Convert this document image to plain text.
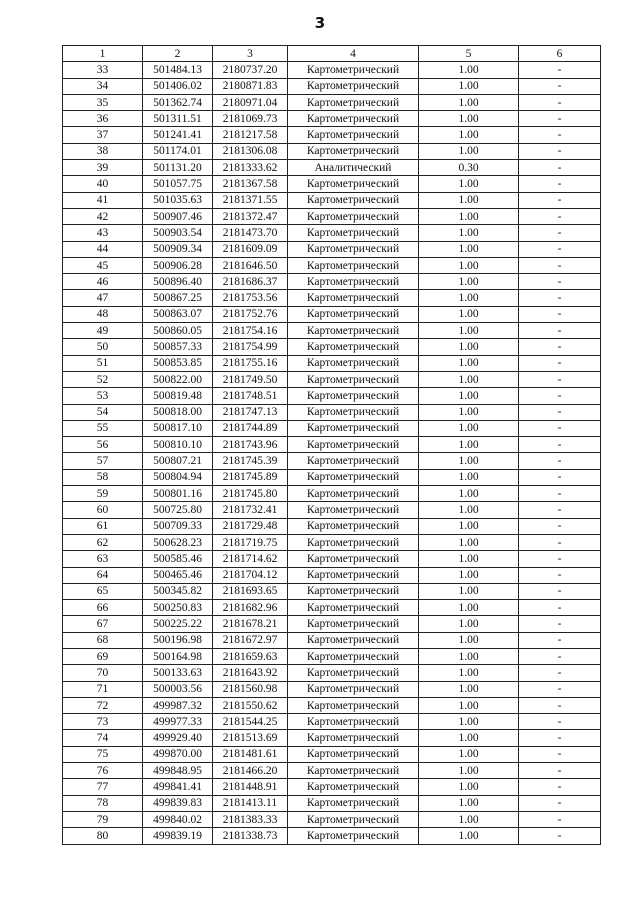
3
1	2	3	4	5	6
33	501484.13	2180737.20	Картометрический	1.00	-
34	501406.02	2180871.83	Картометрический	1.00	-
35	501362.74	2180971.04	Картометрический	1.00	-
36	501311.51	2181069.73	Картометрический	1.00	-
37	501241.41	2181217.58	Картометрический	1.00	-
38	501174.01	2181306.08	Картометрический	1.00	-
39	501131.20	2181333.62	Аналитический	0.30	-
40	501057.75	2181367.58	Картометрический	1.00	-
41	501035.63	2181371.55	Картометрический	1.00	-
42	500907.46	2181372.47	Картометрический	1.00	-
43	500903.54	2181473.70	Картометрический	1.00	-
44	500909.34	2181609.09	Картометрический	1.00	-
45	500906.28	2181646.50	Картометрический	1.00	-
46	500896.40	2181686.37	Картометрический	1.00	-
47	500867.25	2181753.56	Картометрический	1.00	-
48	500863.07	2181752.76	Картометрический	1.00	-
49	500860.05	2181754.16	Картометрический	1.00	-
50	500857.33	2181754.99	Картометрический	1.00	-
51	500853.85	2181755.16	Картометрический	1.00	-
52	500822.00	2181749.50	Картометрический	1.00	-
53	500819.48	2181748.51	Картометрический	1.00	-
54	500818.00	2181747.13	Картометрический	1.00	-
55	500817.10	2181744.89	Картометрический	1.00	-
56	500810.10	2181743.96	Картометрический	1.00	-
57	500807.21	2181745.39	Картометрический	1.00	-
58	500804.94	2181745.89	Картометрический	1.00	-
59	500801.16	2181745.80	Картометрический	1.00	-
60	500725.80	2181732.41	Картометрический	1.00	-
61	500709.33	2181729.48	Картометрический	1.00	-
62	500628.23	2181719.75	Картометрический	1.00	-
63	500585.46	2181714.62	Картометрический	1.00	-
64	500465.46	2181704.12	Картометрический	1.00	-
65	500345.82	2181693.65	Картометрический	1.00	-
66	500250.83	2181682.96	Картометрический	1.00	-
67	500225.22	2181678.21	Картометрический	1.00	-
68	500196.98	2181672.97	Картометрический	1.00	-
69	500164.98	2181659.63	Картометрический	1.00	-
70	500133.63	2181643.92	Картометрический	1.00	-
71	500003.56	2181560.98	Картометрический	1.00	-
72	499987.32	2181550.62	Картометрический	1.00	-
73	499977.33	2181544.25	Картометрический	1.00	-
74	499929.40	2181513.69	Картометрический	1.00	-
75	499870.00	2181481.61	Картометрический	1.00	-
76	499848.95	2181466.20	Картометрический	1.00	-
77	499841.41	2181448.91	Картометрический	1.00	-
78	499839.83	2181413.11	Картометрический	1.00	-
79	499840.02	2181383.33	Картометрический	1.00	-
80	499839.19	2181338.73	Картометрический	1.00	-
